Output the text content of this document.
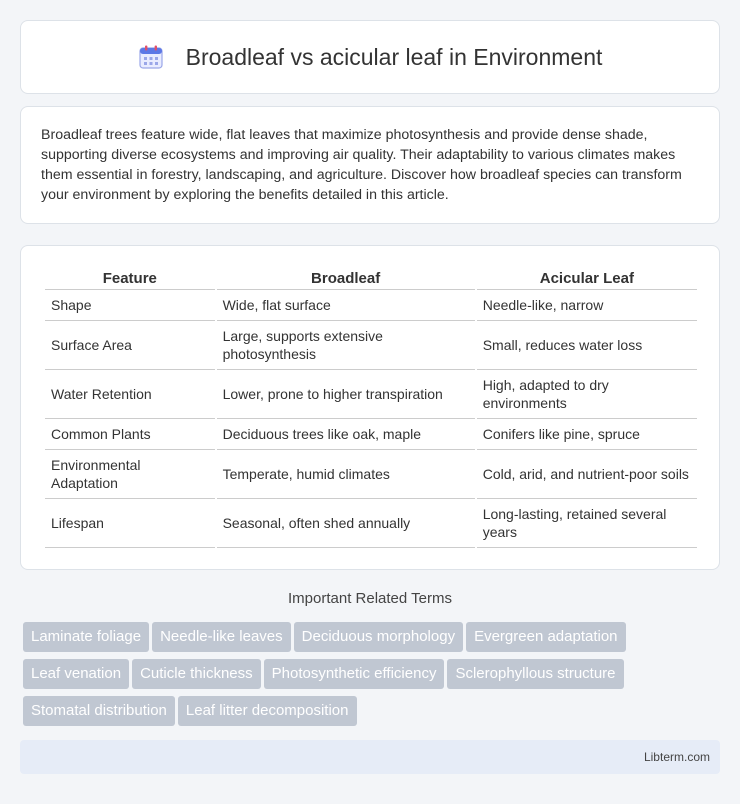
Broadleaf vs acicular leaf in Environment

Broadleaf trees feature wide, flat leaves that maximize photosynthesis and provide dense shade, supporting diverse ecosystems and improving air quality. Their adaptability to various climates makes them essential in forestry, landscaping, and agriculture. Discover how broadleaf species can transform your environment by exploring the benefits detailed in this article.

Feature	Broadleaf	Acicular Leaf
Shape	Wide, flat surface	Needle-like, narrow
Surface Area	Large, supports extensive photosynthesis	Small, reduces water loss
Water Retention	Lower, prone to higher transpiration	High, adapted to dry environments
Common Plants	Deciduous trees like oak, maple	Conifers like pine, spruce
Environmental Adaptation	Temperate, humid climates	Cold, arid, and nutrient-poor soils
Lifespan	Seasonal, often shed annually	Long-lasting, retained several years
Important Related Terms
Laminate foliage Needle-like leaves Deciduous morphology Evergreen adaptation
Leaf venation Cuticle thickness Photosynthetic efficiency Sclerophyllous structure
Stomatal distribution Leaf litter decomposition
Libterm.com
